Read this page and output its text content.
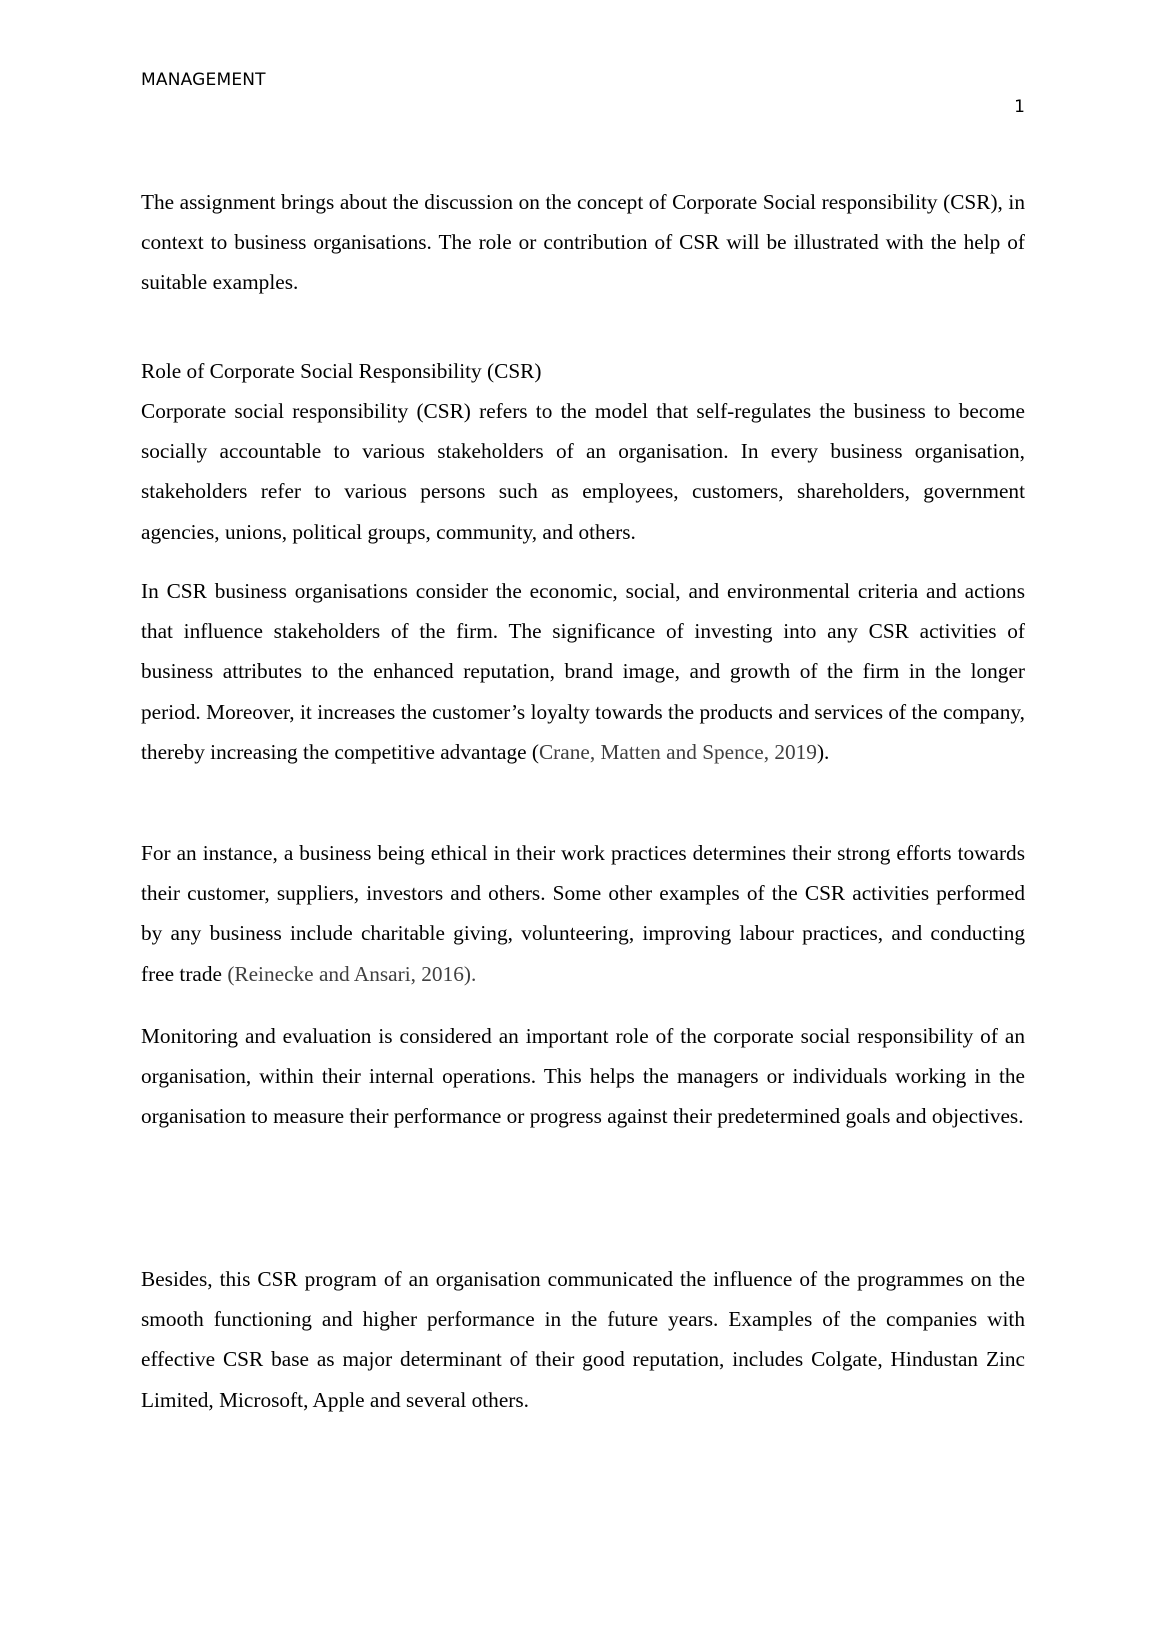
MANAGEMENT
1

The assignment brings about the discussion on the concept of Corporate Social responsibility (CSR), in context to business organisations. The role or contribution of CSR will be illustrated with the help of suitable examples.

Role of Corporate Social Responsibility (CSR)

Corporate social responsibility (CSR) refers to the model that self-regulates the business to become socially accountable to various stakeholders of an organisation. In every business organisation, stakeholders refer to various persons such as employees, customers, shareholders, government agencies, unions, political groups, community, and others.

In CSR business organisations consider the economic, social, and environmental criteria and actions that influence stakeholders of the firm. The significance of investing into any CSR activities of business attributes to the enhanced reputation, brand image, and growth of the firm in the longer period. Moreover, it increases the customer’s loyalty towards the products and services of the company, thereby increasing the competitive advantage (Crane, Matten and Spence, 2019).

For an instance, a business being ethical in their work practices determines their strong efforts towards their customer, suppliers, investors and others. Some other examples of the CSR activities performed by any business include charitable giving, volunteering, improving labour practices, and conducting free trade (Reinecke and Ansari, 2016).

Monitoring and evaluation is considered an important role of the corporate social responsibility of an organisation, within their internal operations. This helps the managers or individuals working in the organisation to measure their performance or progress against their predetermined goals and objectives.

Besides, this CSR program of an organisation communicated the influence of the programmes on the smooth functioning and higher performance in the future years. Examples of the companies with effective CSR base as major determinant of their good reputation, includes Colgate, Hindustan Zinc Limited, Microsoft, Apple and several others.
